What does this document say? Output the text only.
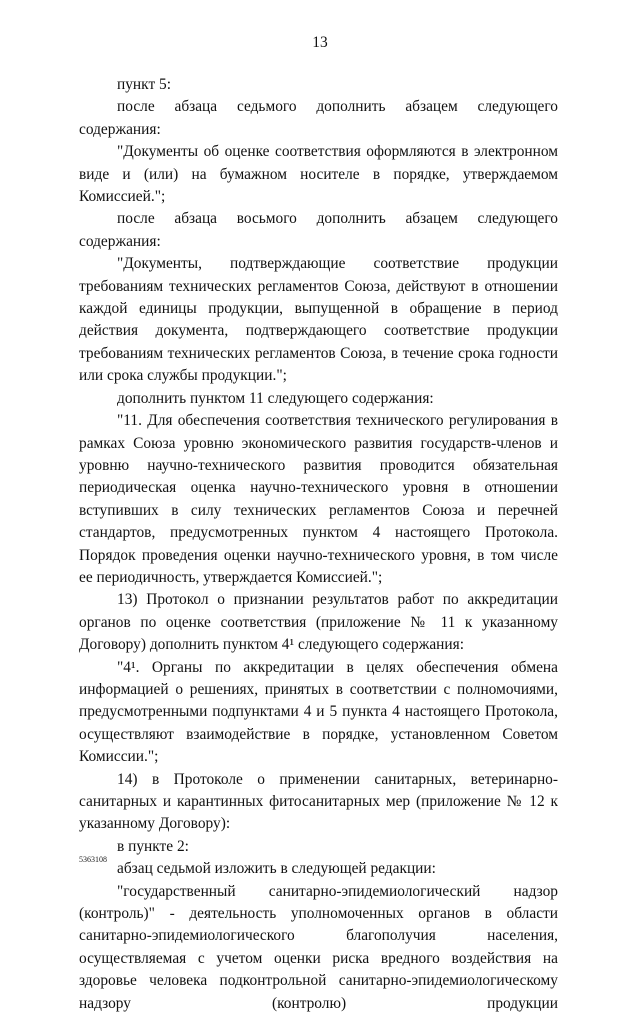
13

пункт 5:

после абзаца седьмого дополнить абзацем следующего содержания:

"Документы об оценке соответствия оформляются в электронном виде и (или) на бумажном носителе в порядке, утверждаемом Комиссией.";

после абзаца восьмого дополнить абзацем следующего содержания:

"Документы, подтверждающие соответствие продукции требованиям технических регламентов Союза, действуют в отношении каждой единицы продукции, выпущенной в обращение в период действия документа, подтверждающего соответствие продукции требованиям технических регламентов Союза, в течение срока годности или срока службы продукции.";

дополнить пунктом 11 следующего содержания:

"11. Для обеспечения соответствия технического регулирования в рамках Союза уровню экономического развития государств-членов и уровню научно-технического развития проводится обязательная периодическая оценка научно-технического уровня в отношении вступивших в силу технических регламентов Союза и перечней стандартов, предусмотренных пунктом 4 настоящего Протокола. Порядок проведения оценки научно-технического уровня, в том числе ее периодичность, утверждается Комиссией.";

13) Протокол о признании результатов работ по аккредитации органов по оценке соответствия (приложение № 11 к указанному Договору) дополнить пунктом 4¹ следующего содержания:

"4¹. Органы по аккредитации в целях обеспечения обмена информацией о решениях, принятых в соответствии с полномочиями, предусмотренными подпунктами 4 и 5 пункта 4 настоящего Протокола, осуществляют взаимодействие в порядке, установленном Советом Комиссии.";

14) в Протоколе о применении санитарных, ветеринарно-санитарных и карантинных фитосанитарных мер (приложение № 12 к указанному Договору):

в пункте 2:

абзац седьмой изложить в следующей редакции:

"государственный санитарно-эпидемиологический надзор (контроль)" - деятельность уполномоченных органов в области санитарно-эпидемиологического благополучия населения, осуществляемая с учетом оценки риска вредного воздействия на здоровье человека подконтрольной санитарно-эпидемиологическому надзору (контролю) продукции

5363108
